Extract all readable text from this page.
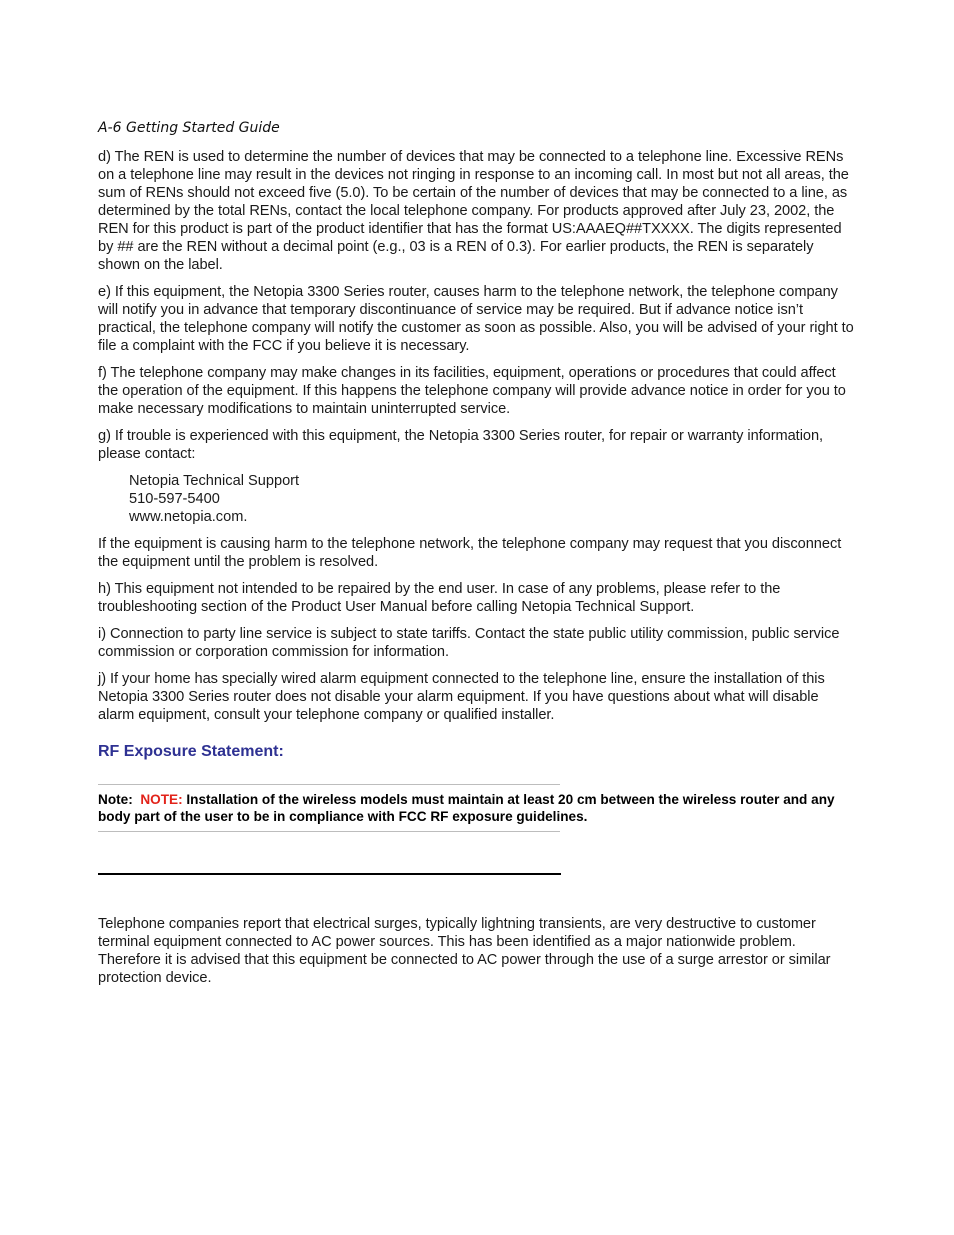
A-6 Getting Started Guide

d) The REN is used to determine the number of devices that may be connected to a telephone line. Excessive RENs on a telephone line may result in the devices not ringing in response to an incoming call. In most but not all areas, the sum of RENs should not exceed five (5.0). To be certain of the number of devices that may be connected to a line, as determined by the total RENs, contact the local telephone company. For products approved after July 23, 2002, the REN for this product is part of the product identifier that has the format US:AAAEQ##TXXXX. The digits represented by ## are the REN without a decimal point (e.g., 03 is a REN of 0.3). For earlier products, the REN is separately shown on the label.

e) If this equipment, the Netopia 3300 Series router, causes harm to the telephone network, the telephone company will notify you in advance that temporary discontinuance of service may be required. But if advance notice isn’t practical, the telephone company will notify the customer as soon as possible. Also, you will be advised of your right to file a complaint with the FCC if you believe it is necessary.

f) The telephone company may make changes in its facilities, equipment, operations or procedures that could affect the operation of the equipment. If this happens the telephone company will provide advance notice in order for you to make necessary modifications to maintain uninterrupted service.

g) If trouble is experienced with this equipment, the Netopia 3300 Series router, for repair or warranty information, please contact:

Netopia Technical Support
510-597-5400
www.netopia.com.

If the equipment is causing harm to the telephone network, the telephone company may request that you disconnect the equipment until the problem is resolved.

h) This equipment not intended to be repaired by the end user. In case of any problems, please refer to the troubleshooting section of the Product User Manual before calling Netopia Technical Support.

i) Connection to party line service is subject to state tariffs. Contact the state public utility commission, public service commission or corporation commission for information.

j) If your home has specially wired alarm equipment connected to the telephone line, ensure the installation of this Netopia 3300 Series router does not disable your alarm equipment. If you have questions about what will disable alarm equipment, consult your telephone company or qualified installer.

RF Exposure Statement:
Note: NOTE: Installation of the wireless models must maintain at least 20 cm between the wireless router and any body part of the user to be in compliance with FCC RF exposure guidelines.

Telephone companies report that electrical surges, typically lightning transients, are very destructive to customer terminal equipment connected to AC power sources. This has been identified as a major nationwide problem. Therefore it is advised that this equipment be connected to AC power through the use of a surge arrestor or similar protection device.
